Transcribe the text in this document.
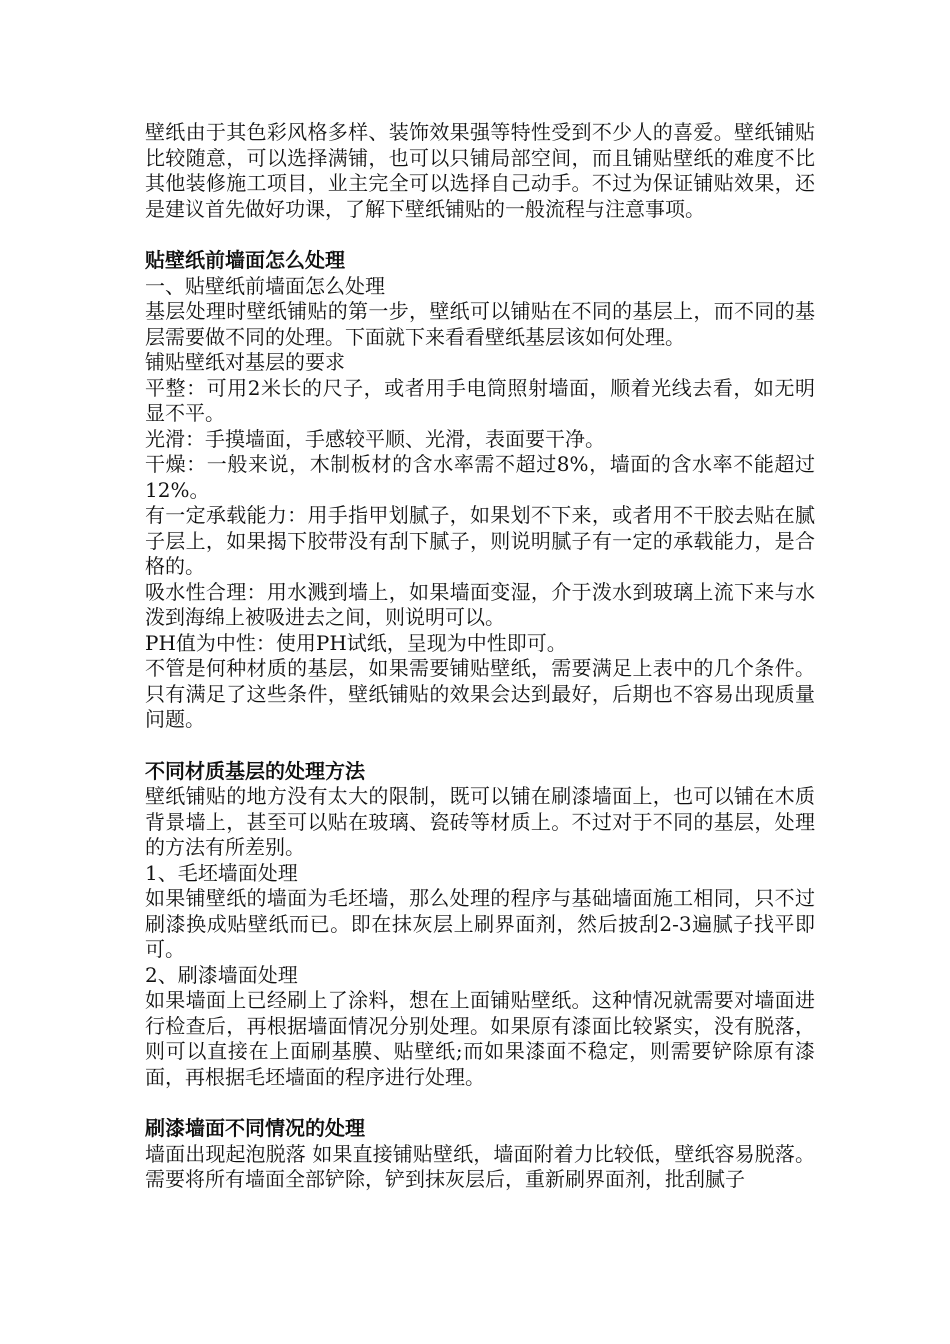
壁纸由于其色彩风格多样、装饰效果强等特性受到不少人的喜爱。壁纸铺贴比较随意，可以选择满铺，也可以只铺局部空间，而且铺贴壁纸的难度不比其他装修施工项目，业主完全可以选择自己动手。不过为保证铺贴效果，还是建议首先做好功课，了解下壁纸铺贴的一般流程与注意事项。

贴壁纸前墙面怎么处理

一、贴壁纸前墙面怎么处理

基层处理时壁纸铺贴的第一步，壁纸可以铺贴在不同的基层上，而不同的基层需要做不同的处理。下面就下来看看壁纸基层该如何处理。

铺贴壁纸对基层的要求

平整：可用2米长的尺子，或者用手电筒照射墙面，顺着光线去看，如无明显不平。

光滑：手摸墙面，手感较平顺、光滑，表面要干净。

干燥：一般来说，木制板材的含水率需不超过8%，墙面的含水率不能超过12%。

有一定承载能力：用手指甲划腻子，如果划不下来，或者用不干胶去贴在腻子层上，如果揭下胶带没有刮下腻子，则说明腻子有一定的承载能力，是合格的。

吸水性合理：用水溅到墙上，如果墙面变湿，介于泼水到玻璃上流下来与水泼到海绵上被吸进去之间，则说明可以。

PH值为中性：使用PH试纸，呈现为中性即可。

不管是何种材质的基层，如果需要铺贴壁纸，需要满足上表中的几个条件。只有满足了这些条件，壁纸铺贴的效果会达到最好，后期也不容易出现质量问题。

不同材质基层的处理方法

壁纸铺贴的地方没有太大的限制，既可以铺在刷漆墙面上，也可以铺在木质背景墙上，甚至可以贴在玻璃、瓷砖等材质上。不过对于不同的基层，处理的方法有所差别。

1、毛坯墙面处理

如果铺壁纸的墙面为毛坯墙，那么处理的程序与基础墙面施工相同，只不过刷漆换成贴壁纸而已。即在抹灰层上刷界面剂，然后披刮2-3遍腻子找平即可。

2、刷漆墙面处理

如果墙面上已经刷上了涂料，想在上面铺贴壁纸。这种情况就需要对墙面进行检查后，再根据墙面情况分别处理。如果原有漆面比较紧实，没有脱落，则可以直接在上面刷基膜、贴壁纸;而如果漆面不稳定，则需要铲除原有漆面，再根据毛坯墙面的程序进行处理。

刷漆墙面不同情况的处理

墙面出现起泡脱落 如果直接铺贴壁纸，墙面附着力比较低，壁纸容易脱落。需要将所有墙面全部铲除，铲到抹灰层后，重新刷界面剂，批刮腻子
